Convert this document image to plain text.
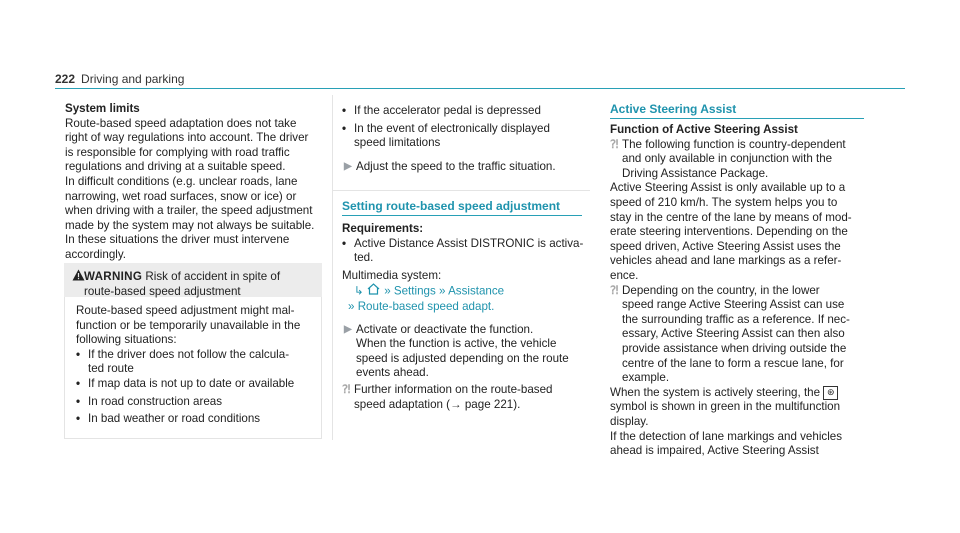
222 Driving and parking
System limits
Route-based speed adaptation does not take
right of way regulations into account. The driver
is responsible for complying with road traffic
regulations and driving at a suitable speed.
In difficult conditions (e.g. unclear roads, lane
narrowing, wet road surfaces, snow or ice) or
when driving with a trailer, the speed adjustment
made by the system may not always be suitable.
In these situations the driver must intervene
accordingly.
WARNING Risk of accident in spite of
route-based speed adjustment
Route-based speed adjustment might mal-
function or be temporarily unavailable in the
following situations:
• If the driver does not follow the calcula-
ted route
• If map data is not up to date or available
• In road construction areas
• In bad weather or road conditions
• If the accelerator pedal is depressed
• In the event of electronically displayed
speed limitations
▶ Adjust the speed to the traffic situation.
Setting route-based speed adjustment
Requirements:
• Active Distance Assist DISTRONIC is activa-
ted.
Multimedia system:
↳ » Settings » Assistance
» Route-based speed adapt.
▶ Activate or deactivate the function.
When the function is active, the vehicle
speed is adjusted depending on the route
events ahead.
⁈ Further information on the route-based
speed adaptation (→ page 221).
Active Steering Assist
Function of Active Steering Assist
⁈ The following function is country-dependent
and only available in conjunction with the
Driving Assistance Package.
Active Steering Assist is only available up to a
speed of 210 km/h. The system helps you to
stay in the centre of the lane by means of mod-
erate steering interventions. Depending on the
speed driven, Active Steering Assist uses the
vehicles ahead and lane markings as a refer-
ence.
⁈ Depending on the country, in the lower
speed range Active Steering Assist can use
the surrounding traffic as a reference. If nec-
essary, Active Steering Assist can then also
provide assistance when driving outside the
centre of the lane to form a rescue lane, for
example.
When the system is actively steering, the ⊛
symbol is shown in green in the multifunction
display.
If the detection of lane markings and vehicles
ahead is impaired, Active Steering Assist
